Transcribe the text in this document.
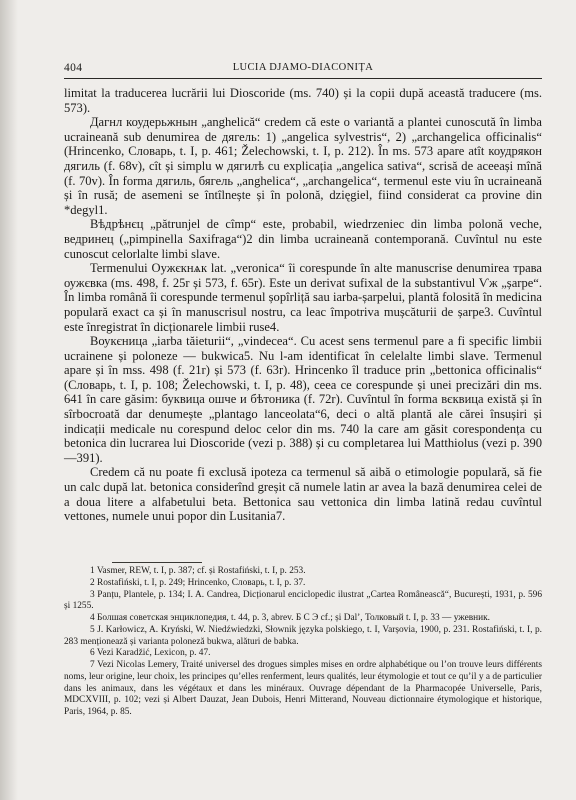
404	LUCIA DJAMO-DIACONIȚA

limitat la traducerea lucrării lui Dioscoride (ms. 740) și la copii după această traducere (ms. 573).

Дагнл коудерьжнын „anghelică“ credem că este o variantă a plantei cunoscută în limba ucraineană sub denumirea de дягель: 1) „angelica sylvestris“, 2) „archangelica officinalis“ (Hrincenko, Словарь, t. I, p. 461; Želechowski, t. I, p. 212). În ms. 573 apare atît коудрякон дягиль (f. 68v), cît și simplu ѡ дягилѣ cu explicația „angelica sativa“, scrisă de aceeași mînă (f. 70v). În forma дягиль, бягель „anghelica“, „archangelica“, termenul este viu în ucraineană și în rusă; de asemeni se întîlnește și în polonă, dzięgiel, fiind considerat ca provine din *degyl1.

Вѣдрѣнєц „pătrunjel de cîmp“ este, probabil, wiedrzeniec din limba polonă veche, ведринец („pimpinella Saxifraga“)2 din limba ucraineană contemporană. Cuvîntul nu este cunoscut celorlalte limbi slave.

Termenului Оужєкнѧк lat. „veronica“ îi corespunde în alte manuscrise denumirea трава оужєвка (ms. 498, f. 25r și 573, f. 65r). Este un derivat sufixal de la substantivul Ѵж „șarpe“. În limba română îi corespunde termenul șopîrliță sau iarba-șarpelui, plantă folosită în medicina populară exact ca și în manuscrisul nostru, ca leac împotriva mușcăturii de șarpe3. Cuvîntul este înregistrat în dicționarele limbii ruse4.

Воукєница „iarba tăieturii“, „vindecea“. Cu acest sens termenul pare a fi specific limbii ucrainene și poloneze — bukwica5. Nu l-am identificat în celelalte limbi slave. Termenul apare și în mss. 498 (f. 21r) și 573 (f. 63r). Hrincenko îl traduce prin „bettonica officinalis“ (Словарь, t. I, p. 108; Želechowski, t. I, p. 48), ceea ce corespunde și unei precizări din ms. 641 în care găsim: буквица ошче и бѣтоника (f. 72r). Cuvîntul în forma вєквица există și în sîrbocroată dar denumește „plantago lanceolata“6, deci o altă plantă ale cărei însușiri și indicații medicale nu corespund deloc celor din ms. 740 la care am găsit corespondența cu betonica din lucrarea lui Dioscoride (vezi p. 388) și cu completarea lui Matthiolus (vezi p. 390—391).

Credem că nu poate fi exclusă ipoteza ca termenul să aibă o etimologie populară, să fie un calc după lat. betonica considerînd greșit că numele latin ar avea la bază denumirea celei de a doua litere a alfabetului beta. Bettonica sau vettonica din limba latină redau cuvîntul vettones, numele unui popor din Lusitania7.

1 Vasmer, REW, t. I, p. 387; cf. și Rostafiński, t. I, p. 253.

2 Rostafiński, t. I, p. 249; Hrincenko, Словарь, t. I, p. 37.

3 Panțu, Plantele, p. 134; I. A. Candrea, Dicționarul enciclopedic ilustrat „Cartea Românească“, București, 1931, p. 596 și 1255.

4 Болшая советская энциклопедия, t. 44, p. 3, abrev. Б С Э cf.; și Dal’, Толковый t. I, p. 33 — ужевник.

5 J. Karłowicz, A. Kryński, W. Niedźwiedzki, Słownik języka polskiego, t. I, Varșovia, 1900, p. 231. Rostafiński, t. I, p. 283 menționează și varianta poloneză bukwa, alături de babka.

6 Vezi Karadžić, Lexicon, p. 47.

7 Vezi Nicolas Lemery, Traité universel des drogues simples mises en ordre alphabétique ou l’on trouve leurs différents noms, leur origine, leur choix, les principes qu’elles renferment, leurs qualités, leur étymologie et tout ce qu’il y a de particulier dans les animaux, dans les végétaux et dans les minéraux. Ouvrage dépendant de la Pharmacopée Universelle, Paris, MDCXVIII, p. 102; vezi și Albert Dauzat, Jean Dubois, Henri Mitterand, Nouveau dictionnaire étymologique et historique, Paris, 1964, p. 85.
